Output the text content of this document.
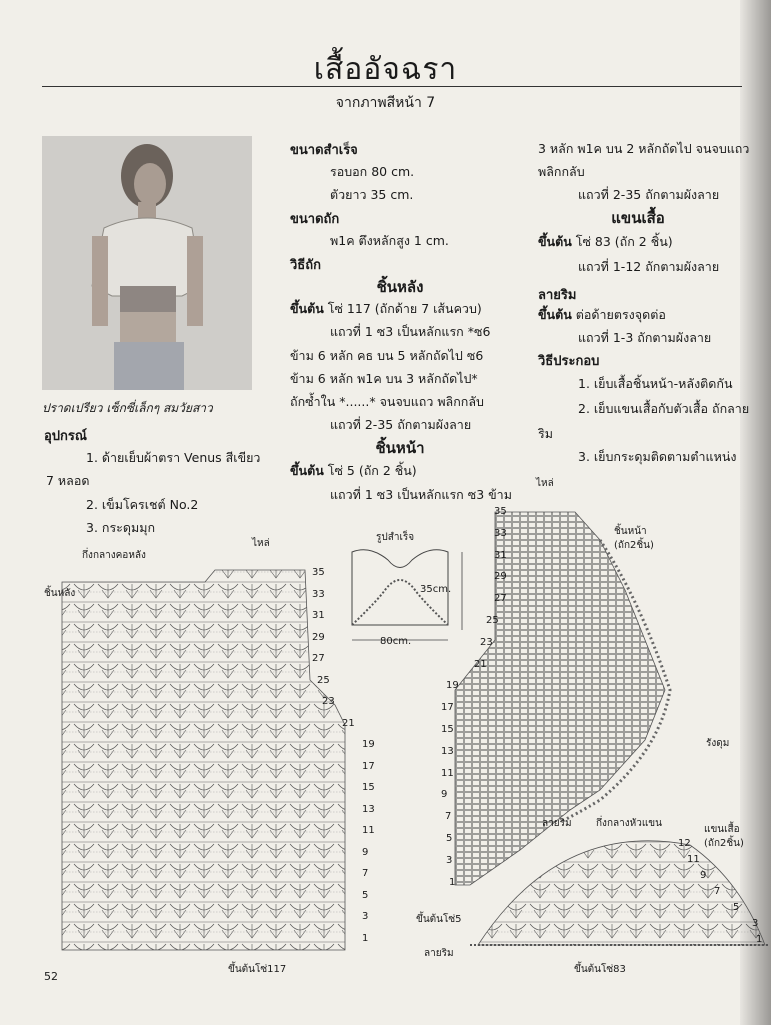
เสื้ออัจฉรา
จากภาพสีหน้า 7
ปราดเปรียว เซ็กซี่เล็กๆ สมวัยสาว
อุปกรณ์
1. ด้ายเย็บผ้าตรา Venus สีเขียว
7 หลอด
2. เข็มโครเชต์ No.2
3. กระดุมมุก
ขนาดสำเร็จ
รอบอก 80 cm.
ตัวยาว 35 cm.
ขนาดถัก
พ1ค ตึงหลักสูง 1 cm.
วิธีถัก
ชิ้นหลัง
ขึ้นต้น โซ่ 117 (ถักด้าย 7 เส้นควบ)
แถวที่ 1 ซ3 เป็นหลักแรก *ซ6
ข้าม 6 หลัก คธ บน 5 หลักถัดไป ซ6
ข้าม 6 หลัก พ1ค บน 3 หลักถัดไป*
ถักซ้ำใน *......* จนจบแถว พลิกกลับ
แถวที่ 2-35 ถักตามผังลาย
ชิ้นหน้า
ขึ้นต้น โซ่ 5 (ถัก 2 ชิ้น)
แถวที่ 1 ซ3 เป็นหลักแรก ซ3 ข้าม
3 หลัก พ1ค บน 2 หลักถัดไป จนจบแถว
พลิกกลับ
แถวที่ 2-35 ถักตามผังลาย
แขนเสื้อ
ขึ้นต้น โซ่ 83 (ถัก 2 ชิ้น)
แถวที่ 1-12 ถักตามผังลาย
ลายริม
ขึ้นต้น ต่อด้ายตรงจุดต่อ
แถวที่ 1-3 ถักตามผังลาย
วิธีประกอบ
1. เย็บเสื้อชิ้นหน้า-หลังติดกัน
2. เย็บแขนเสื้อกับตัวเสื้อ ถักลาย
ริม
3. เย็บกระดุมติดตามตำแหน่ง
กึ่งกลางคอหลัง
ชิ้นหลัง
ไหล่
ขึ้นต้นโซ่117
รูปสำเร็จ
35cm.
80cm.
ไหล่
ชิ้นหน้า
(ถัก2ชิ้น)
รังดุม
ลายริม กึ่งกลางหัวแขน
แขนเสื้อ
(ถัก2ชิ้น)
ขึ้นต้นโซ่5
ลายริม
ขึ้นต้นโซ่83
35
33
31
29
27
25
23
21
19
17
15
13
11
9
7
5
3
1
35
33
31
29
27
25
23
21
19
17
15
13
11
9
7
5
3
1
12
11
9
7
5
3
1
52
